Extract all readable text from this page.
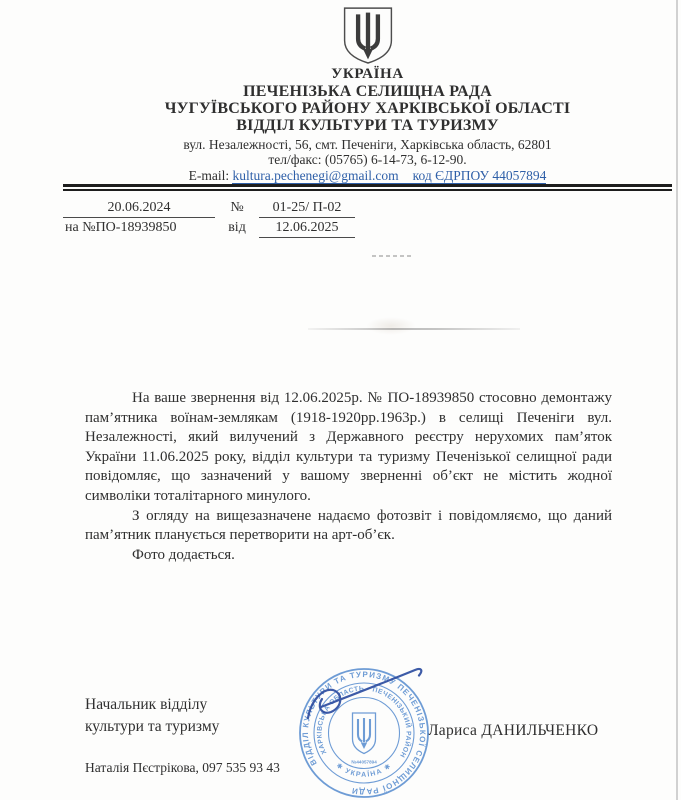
УКРАЇНА
ПЕЧЕНІЗЬКА СЕЛИЩНА РАДА
ЧУГУЇВСЬКОГО РАЙОНУ ХАРКІВСЬКОЇ ОБЛАСТІ
ВІДДІЛ КУЛЬТУРИ ТА ТУРИЗМУ
вул. Незалежності, 56, смт. Печеніги, Харківська область, 62801
тел/факс: (05765) 6-14-73, 6-12-90.
E-mail: kultura.pechenegi@gmail.com код ЄДРПОУ 44057894
20.06.2024	№	01-25/ П-02
на №ПО-18939850	від	12.06.2025

На ваше звернення від 12.06.2025р. № ПО-18939850 стосовно демонтажу пам’ятника воїнам-землякам (1918-1920рр.1963р.) в селищі Печеніги вул. Незалежності, який вилучений з Державного реєстру нерухомих пам’яток України 11.06.2025 року, відділ культури та туризму Печенізької селищної ради повідомляє, що зазначений у вашому зверненні об’єкт не містить жодної символіки тоталітарного минулого.

З огляду на вищезазначене надаємо фотозвіт і повідомляємо, що даний пам’ятник планується перетворити на арт-об’єк.

Фото додається.

Начальник відділу
культури та туризму
Наталія Пєстрікова, 097 535 93 43
Лариса ДАНИЛЬЧЕНКО
ВІДДІЛ КУЛЬТУРИ ТА ТУРИЗМУ ПЕЧЕНІЗЬКОЇ СЕЛИЩНОЇ РАДИ
ХАРКІВСЬКА ОБЛАСТЬ • ПЕЧЕНІЗЬКИЙ РАЙОН
✱ УКРАЇНА ✱
№44057894
